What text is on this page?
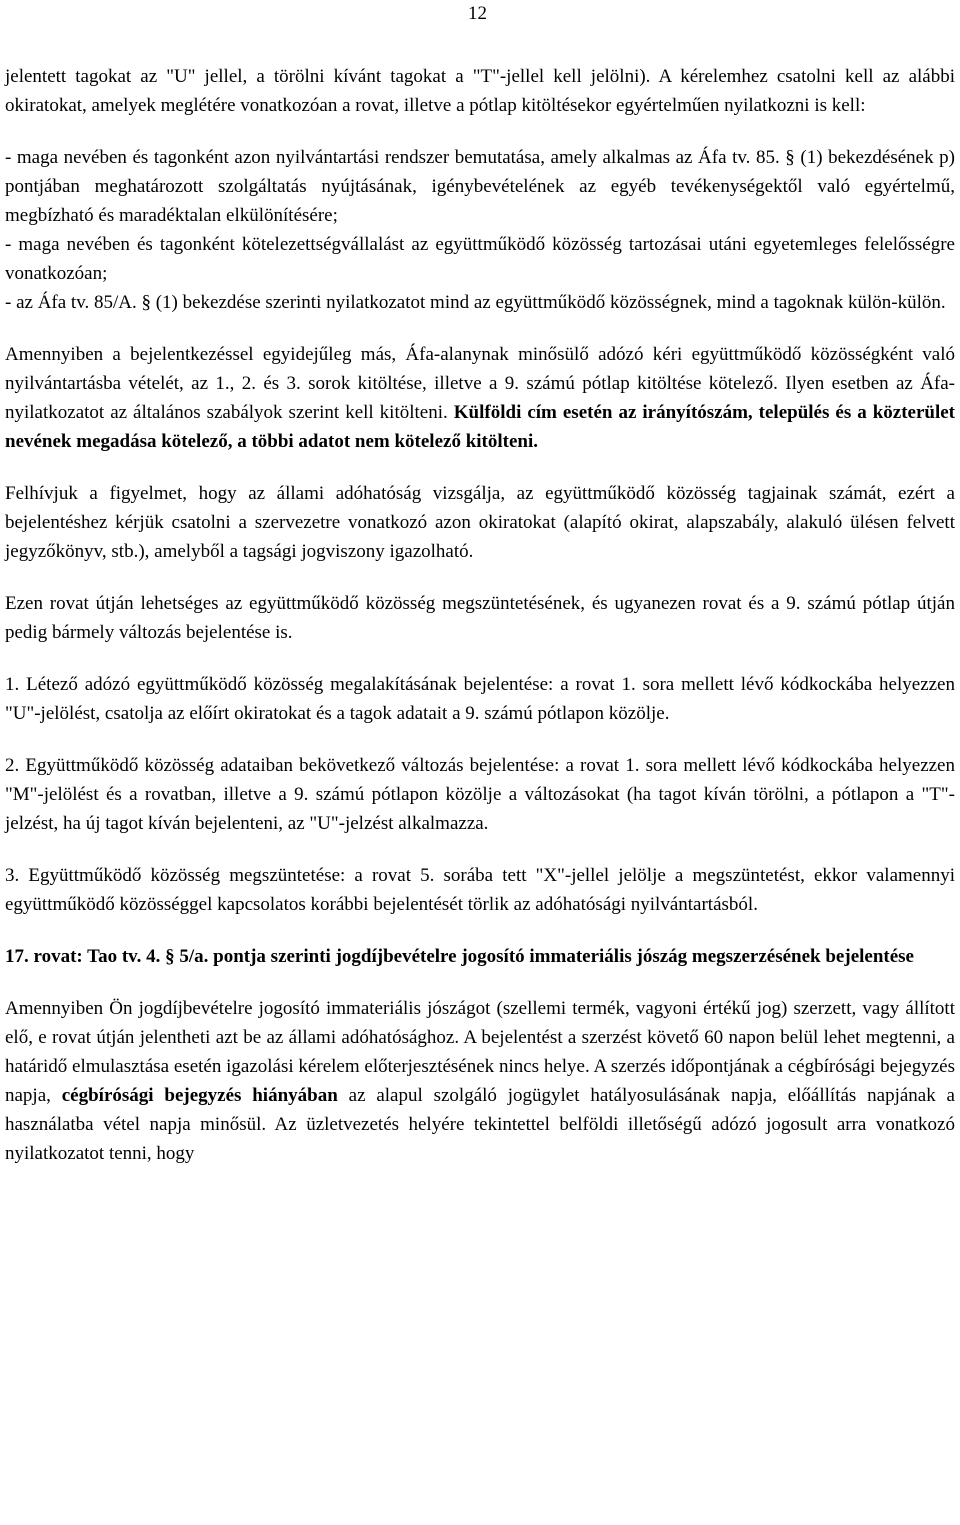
12

jelentett tagokat az "U" jellel, a törölni kívánt tagokat a "T"-jellel kell jelölni). A kérelemhez csatolni kell az alábbi okiratokat, amelyek meglétére vonatkozóan a rovat, illetve a pótlap kitöltésekor egyértelműen nyilatkozni is kell:

- maga nevében és tagonként azon nyilvántartási rendszer bemutatása, amely alkalmas az Áfa tv. 85. § (1) bekezdésének p) pontjában meghatározott szolgáltatás nyújtásának, igénybevételének az egyéb tevékenységektől való egyértelmű, megbízható és maradéktalan elkülönítésére;
- maga nevében és tagonként kötelezettségvállalást az együttműködő közösség tartozásai utáni egyetemleges felelősségre vonatkozóan;
- az Áfa tv. 85/A. § (1) bekezdése szerinti nyilatkozatot mind az együttműködő közösségnek, mind a tagoknak külön-külön.

Amennyiben a bejelentkezéssel egyidejűleg más, Áfa-alanynak minősülő adózó kéri együttműködő közösségként való nyilvántartásba vételét, az 1., 2. és 3. sorok kitöltése, illetve a 9. számú pótlap kitöltése kötelező. Ilyen esetben az Áfa-nyilatkozatot az általános szabályok szerint kell kitölteni. Külföldi cím esetén az irányítószám, település és a közterület nevének megadása kötelező, a többi adatot nem kötelező kitölteni.

Felhívjuk a figyelmet, hogy az állami adóhatóság vizsgálja, az együttműködő közösség tagjainak számát, ezért a bejelentéshez kérjük csatolni a szervezetre vonatkozó azon okiratokat (alapító okirat, alapszabály, alakuló ülésen felvett jegyzőkönyv, stb.), amelyből a tagsági jogviszony igazolható.

Ezen rovat útján lehetséges az együttműködő közösség megszüntetésének, és ugyanezen rovat és a 9. számú pótlap útján pedig bármely változás bejelentése is.

1. Létező adózó együttműködő közösség megalakításának bejelentése: a rovat 1. sora mellett lévő kódkockába helyezzen "U"-jelölést, csatolja az előírt okiratokat és a tagok adatait a 9. számú pótlapon közölje.

2. Együttműködő közösség adataiban bekövetkező változás bejelentése: a rovat 1. sora mellett lévő kódkockába helyezzen "M"-jelölést és a rovatban, illetve a 9. számú pótlapon közölje a változásokat (ha tagot kíván törölni, a pótlapon a "T"-jelzést, ha új tagot kíván bejelenteni, az "U"-jelzést alkalmazza.

3. Együttműködő közösség megszüntetése: a rovat 5. sorába tett "X"-jellel jelölje a megszüntetést, ekkor valamennyi együttműködő közösséggel kapcsolatos korábbi bejelentését törlik az adóhatósági nyilvántartásból.

17. rovat: Tao tv. 4. § 5/a. pontja szerinti jogdíjbevételre jogosító immateriális jószág megszerzésének bejelentése

Amennyiben Ön jogdíjbevételre jogosító immateriális jószágot (szellemi termék, vagyoni értékű jog) szerzett, vagy állított elő, e rovat útján jelentheti azt be az állami adóhatósághoz. A bejelentést a szerzést követő 60 napon belül lehet megtenni, a határidő elmulasztása esetén igazolási kérelem előterjesztésének nincs helye. A szerzés időpontjának a cégbírósági bejegyzés napja, cégbírósági bejegyzés hiányában az alapul szolgáló jogügylet hatályosulásának napja, előállítás napjának a használatba vétel napja minősül. Az üzletvezetés helyére tekintettel belföldi illetőségű adózó jogosult arra vonatkozó nyilatkozatot tenni, hogy
